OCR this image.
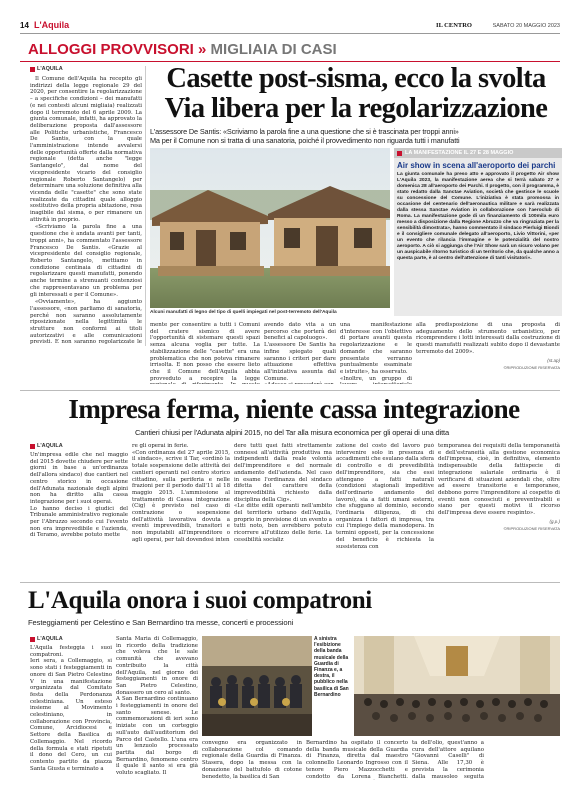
14 L'Aquila	IL CENTRO	SABATO 20 MAGGIO 2023
ALLOGGI PROVVISORI » MIGLIAIA DI CASI
L'AQUILA

Il Comune dell'Aquila ha recepito gli indirizzi della legge regionale 29 del 2020, per consentire la regolarizzazione – a specifiche condizioni – dei manufatti (e nei contesti alcuni migliaia) realizzati dopo il terremoto del 6 aprile 2009. La giunta comunale, infatti, ha approvato la deliberazione proposta dall'assessore alle Politiche urbanistiche, Francesco De Santis, con la quale l'amministrazione intende avvalersi delle opportunità offerte dalla normativa regionale (detta anche "legge Santangelo", dal nome del vicepresidente vicario del consiglio regionale Roberto Santangelo) per determinare una soluzione definitiva alla vicenda delle "casette" che sono state realizzate da cittadini quale alloggio sostitutivo della propria abitazione, resa inagibile dal sisma, o per rimanere un attività in proprio.

«Scriviamo la parola fine a una questione che è andata avanti per tanti, troppi anni», ha commentato l'assessore Francesco De Santis. «Grazie al vicepresidente del consiglio regionale, Roberto Santangelo, mettiamo in condizione centinaia di cittadini di regolarizzare questi manufatti, ponendo anche termine a strenuanti contenziosi che rappresentavano un problema per gli interessati e per il Comune».

«Ovviamente», ha aggiunto l'assessore, «non parliamo di sanatoria, perché non saranno assolutamente riposizionate nella legittimità le strutture non conformi ai titoli autorizzativi e alle comunicazioni previsti. E non saranno regolarizzate le

Casette post-sisma, ecco la svolta
Via libera per la regolarizzazione
L'assessore De Santis: «Scriviamo la parola fine a una questione che si è trascinata per troppi anni»
Ma per il Comune non si tratta di una sanatoria, poiché il provvedimento non riguarda tutti i manufatti
Alcuni manufatti di legno del tipo di quelli impiegati nel post-terremoto dell'Aquila
LA MANIFESTAZIONE IL 27 E 28 MAGGIO
Air show in scena all'aeroporto dei parchi
La giunta comunale ha preso atto e approvato il progetto Air show L'Aquila 2023, la manifestazione aerea che si terrà sabato 27 e domenica 28 all'aeroporto dei Parchi. Il progetto, con il programma, è stato redatto dalla Sanctae Aviation, società che gestisce le scuole su concessione del Comune. L'iniziativa è stata promossa in occasione del centenario dell'aeronautica militare e sarà realizzata dalla stessa Sanctae Aviation in collaborazione con l'aeroclub di Roma. La manifestazione gode di un finanziamento di 100mila euro messo a disposizione dalla Regione Abruzzo che va ringraziata per la sensibilità dimostrata», hanno commentato il sindaco Pierluigi Biondi e il consigliere comunale delegato all'aeroporto, Livio Vittorini, «per un evento che rilancia l'immagine e le potenzialità del nostro aeroporto. A ciò si aggiunga che l'Air Show sarà un sicuro volano per un auspicabile ritorno turistico di un territorio che, da qualche anno a questa parte, è al centro dell'attenzione di tanti visitatori».
mente per consentire a tutti i Comuni del cratere sismico di avere l'opportunità di sistemare questi spazi senza alcuna voglia per tutte. La stabilizzazione delle "casette" era una problematica che non poteva rimanere irrisolta. E non posso che essere lieto che il Comune dell'Aquila abbia provveduto a recepire la legge
avendo dato vita a un percorso che porterà dei benefici al capoluogo».
L'assessore De Santis ha infine spiegato quali saranno i criteri per dare attuazione effettiva all'iniziativa assunta dal Comune.

una manifestazione d'interesse con l'obiettivo di portare avanti questa regolarizzazione e le domande che saranno presentate verranno puntualmente esaminate e istruite», ha osservato.
«Inoltre, un gruppo di
alla predisposizione di una proposta di adeguamento dello strumento urbanistico, per ricomprendere i lotti interessati dalla costruzione di questi manufatti realizzati subito dopo il devastante terremoto del 2009».
(st.ap)
©RIPRODUZIONE RISERVATA
Impresa ferma, niente cassa integrazione
Cantieri chiusi per l'Adunata alpini 2015, no del Tar alla misura economica per gli operai di una ditta
L'AQUILA
Un'impresa edile che nel maggio del 2015 dovette chiudere per sette giorni in base a un'ordinanza dell'allora sindaco) due cantieri nel centro storico in occasione dell'Adunata nazionale degli alpini non ha diritto alla cassa integrazione per i suoi operai.
Lo hanno deciso i giudici del Tribunale amministrativo regionale per l'Abruzzo secondo cui l'evento non era imprevedibile e l'azienda, di Teramo, avrebbe potuto mette
re gli operai in ferie.
«Con ordinanza del 27 aprile 2015, il sindaco», scrive il Tar, «ordinò la totale sospensione delle attività dei cantieri operanti nel centro storico cittadino, sulla periferia e nelle frazioni per il periodo dall'11 al 18 maggio 2015. L'ammissione al trattamento di Cassa integrazione (Cig) è previsto nel caso di contrazione o sospensione dell'attività lavorativa dovuta a eventi imprevedibili, transitori e non imputabili all'imprenditore o agli operai, per tali dovendosi inten
dere tutti quei fatti strettamente connessi all'attività produttiva ma indipendenti dalla reale volontà dell'imprenditore e del normale andamento dell'azienda. Nel caso in esame l'ordinanza del sindaco difetta del carattere della imprevedibilità richiesto dalla disciplina della Cig».
«Le ditte edili operanti nell'ambito del territorio urbano dell'Aquila, proprio in previsione di un evento a tutti noto, ben avrebbero potuto ricorrere all'utilizzo delle ferie. La cessibilità socializ
zatione del costo del lavoro può intervenire solo in presenza di accadimenti che esulano dalla sfera di controllo e di prevedibilità dell'imprenditore, sia che essi attengano a fatti naturali (condizioni stagionali impeditive dell'ordinario andamento del lavoro), sia a fatti umani esterni, che sfuggano al dominio, secondo l'ordinaria diligenza, di chi organizza i fattori di impresa, tra cui l'impiego della manodopera. In termini opposti, per la concessione del beneficio è richiesta la sussistenza con
temporanea dei requisiti della temporaneità e dell'estraneità alla gestione economica dell'impresa, cioè, in definitiva, elemento indispensabile della fattispecie di integrazione salariale ordinaria è il verificarsi di situazioni aziendali che, oltre ad essere transitorie e temporanee, debbono porre l'imprenditore al cospetto di eventi non conosciuti e preventivabili e siano per questi motivi il ricorso dell'impresa deve essere respinto».
(g.p.)
©RIPRODUZIONE RISERVATA
L'Aquila onora i suoi compatroni
Festeggiamenti per Celestino e San Bernardino tra messe, concerti e processioni
L'AQUILA
L'Aquila festeggia i suoi compatroni.
Ieri sera, a Collemaggio, si sono stati i festeggiamenti in onore di San Pietro Celestino V in una manifestazione organizzata dal Comitato festa della Perdonanza celestiniana. Un esteso insieme al Movimento celestiniano, in collaborazione con Provincia, Comune, Arcidiocesi e Settore della Basilica di Collemaggio. Nel ricordo della formula e stati ripetuti il dono del Cero, un cui contento partito da piazza Santa Giusta e terminato a
Santa Maria di Collemaggio, in ricordo della tradizione che voleva che le sale comunità che avevano contribuito la città dell'Aquila, nel giorno dei festeggiamenti in onore di San Pietro Celestino, donassero un cero al santo.
A San Bernardino continuano i festeggiamenti in onore del santo senese. Le commemorazioni di ieri sono iniziate con un corteggio sull'auto dall'auditorium del Parco del Castello. L'una era un lenzuolo processato partita dal borgo di Bernardino, fenomeno centro il quale il santo si era già voluto scagliato. Il
A sinistra l'esibizione della banda musicale della Guardia di Finanza e, a destra, il pubblico nella basilica di San Bernardino
convegno era organizzato in collaborazione col comando regionale della Guardia di Finanza. Stasera, dopo la messa con la donazione del battufolo di cotone benedetto, la basilica di San
Bernardino ha ospitato il concerto della banda musicale della Guardia di Finanza, diretta dal maestro colonnello Leonardo Ingrosso con il tenore Piero Mazzocchetti e condotto da Lorena Bianchetti.
ta dell'olio, quest'anno a cura dell'attore aquilano "Giovanni Caselli" di Siena. Alle 17,30 è prevista la cerimonia dalla mausoleo seguita
